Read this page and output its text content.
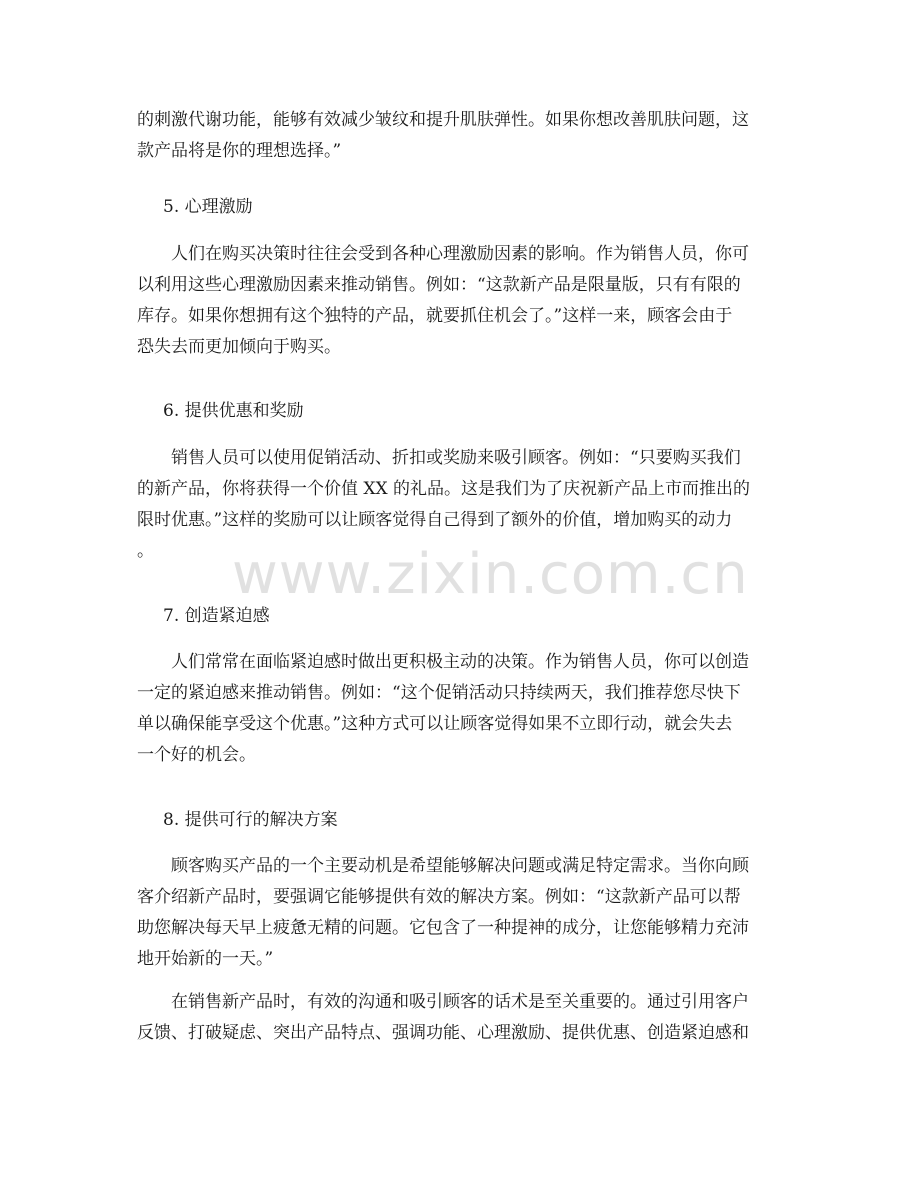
的刺激代谢功能，能够有效减少皱纹和提升肌肤弹性。如果你想改善肌肤问题，这
款产品将是你的理想选择。”

5. 心理激励

　　人们在购买决策时往往会受到各种心理激励因素的影响。作为销售人员，你可
以利用这些心理激励因素来推动销售。例如：“这款新产品是限量版，只有有限的
库存。如果你想拥有这个独特的产品，就要抓住机会了。”这样一来，顾客会由于
恐失去而更加倾向于购买。

6. 提供优惠和奖励

　　销售人员可以使用促销活动、折扣或奖励来吸引顾客。例如：“只要购买我们
的新产品，你将获得一个价值 XX 的礼品。这是我们为了庆祝新产品上市而推出的
限时优惠。”这样的奖励可以让顾客觉得自己得到了额外的价值，增加购买的动力
。

7. 创造紧迫感

　　人们常常在面临紧迫感时做出更积极主动的决策。作为销售人员，你可以创造
一定的紧迫感来推动销售。例如：“这个促销活动只持续两天，我们推荐您尽快下
单以确保能享受这个优惠。”这种方式可以让顾客觉得如果不立即行动，就会失去
一个好的机会。

8. 提供可行的解决方案

　　顾客购买产品的一个主要动机是希望能够解决问题或满足特定需求。当你向顾
客介绍新产品时，要强调它能够提供有效的解决方案。例如：“这款新产品可以帮
助您解决每天早上疲惫无精的问题。它包含了一种提神的成分，让您能够精力充沛
地开始新的一天。”
　　在销售新产品时，有效的沟通和吸引顾客的话术是至关重要的。通过引用客户
反馈、打破疑虑、突出产品特点、强调功能、心理激励、提供优惠、创造紧迫感和
www.zixin.com.cn
